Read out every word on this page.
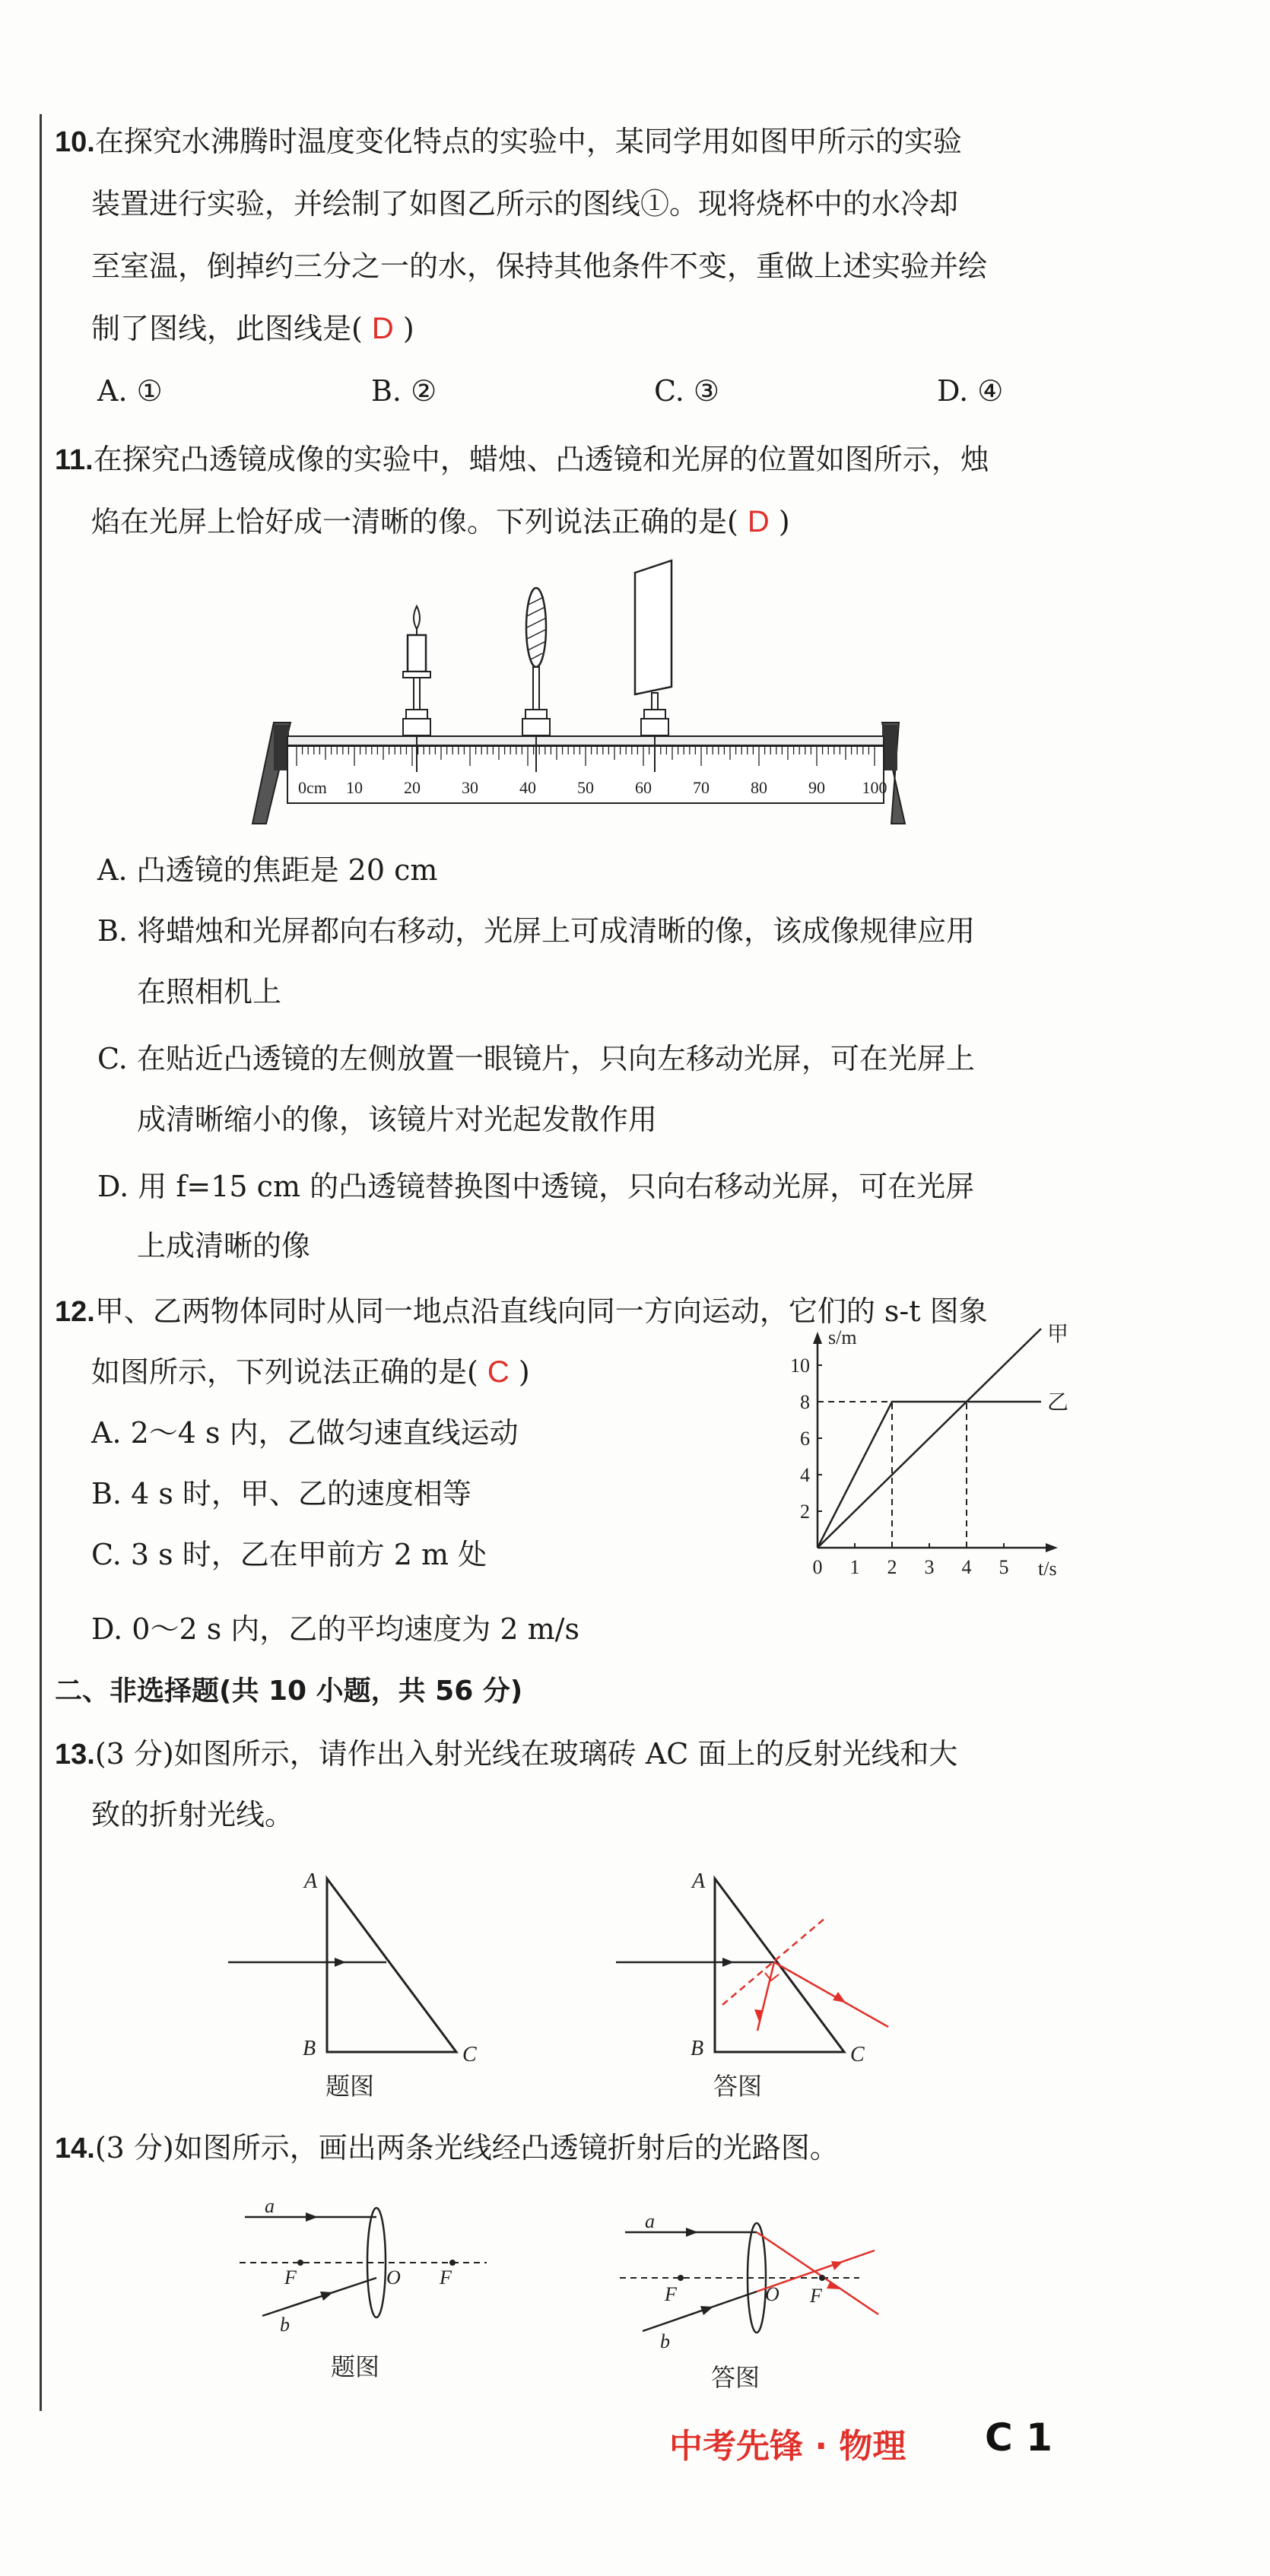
10.在探究水沸腾时温度变化特点的实验中，某同学用如图甲所示的实验
装置进行实验，并绘制了如图乙所示的图线①。现将烧杯中的水冷却
至室温，倒掉约三分之一的水，保持其他条件不变，重做上述实验并绘
制了图线，此图线是( D )
A. ①	B. ②	C. ③	D. ④
11.在探究凸透镜成像的实验中，蜡烛、凸透镜和光屏的位置如图所示，烛
焰在光屏上恰好成一清晰的像。下列说法正确的是( D )
0cm 10 20 30 40 50 60 70 80 90 100
A. 凸透镜的焦距是 20 cm
B. 将蜡烛和光屏都向右移动，光屏上可成清晰的像，该成像规律应用
在照相机上
C. 在贴近凸透镜的左侧放置一眼镜片，只向左移动光屏，可在光屏上
成清晰缩小的像，该镜片对光起发散作用
D. 用 f=15 cm 的凸透镜替换图中透镜，只向右移动光屏，可在光屏
上成清晰的像
12.甲、乙两物体同时从同一地点沿直线向同一方向运动，它们的 s-t 图象
如图所示，下列说法正确的是( C )
A. 2～4 s 内，乙做匀速直线运动
B. 4 s 时，甲、乙的速度相等
C. 3 s 时，乙在甲前方 2 m 处
D. 0～2 s 内，乙的平均速度为 2 m/s
s/m
t/s
0 1 2 3 4 5
2
4
6
8
10
甲
乙
二、非选择题(共 10 小题，共 56 分)
13.(3 分)如图所示，请作出入射光线在玻璃砖 AC 面上的反射光线和大
致的折射光线。
A
B	C
题图
A
B	C
答图
14.(3 分)如图所示，画出两条光线经凸透镜折射后的光路图。
a
b
F	O F
题图
a
b
F	O F
答图
中考先锋 · 物理 C 1
